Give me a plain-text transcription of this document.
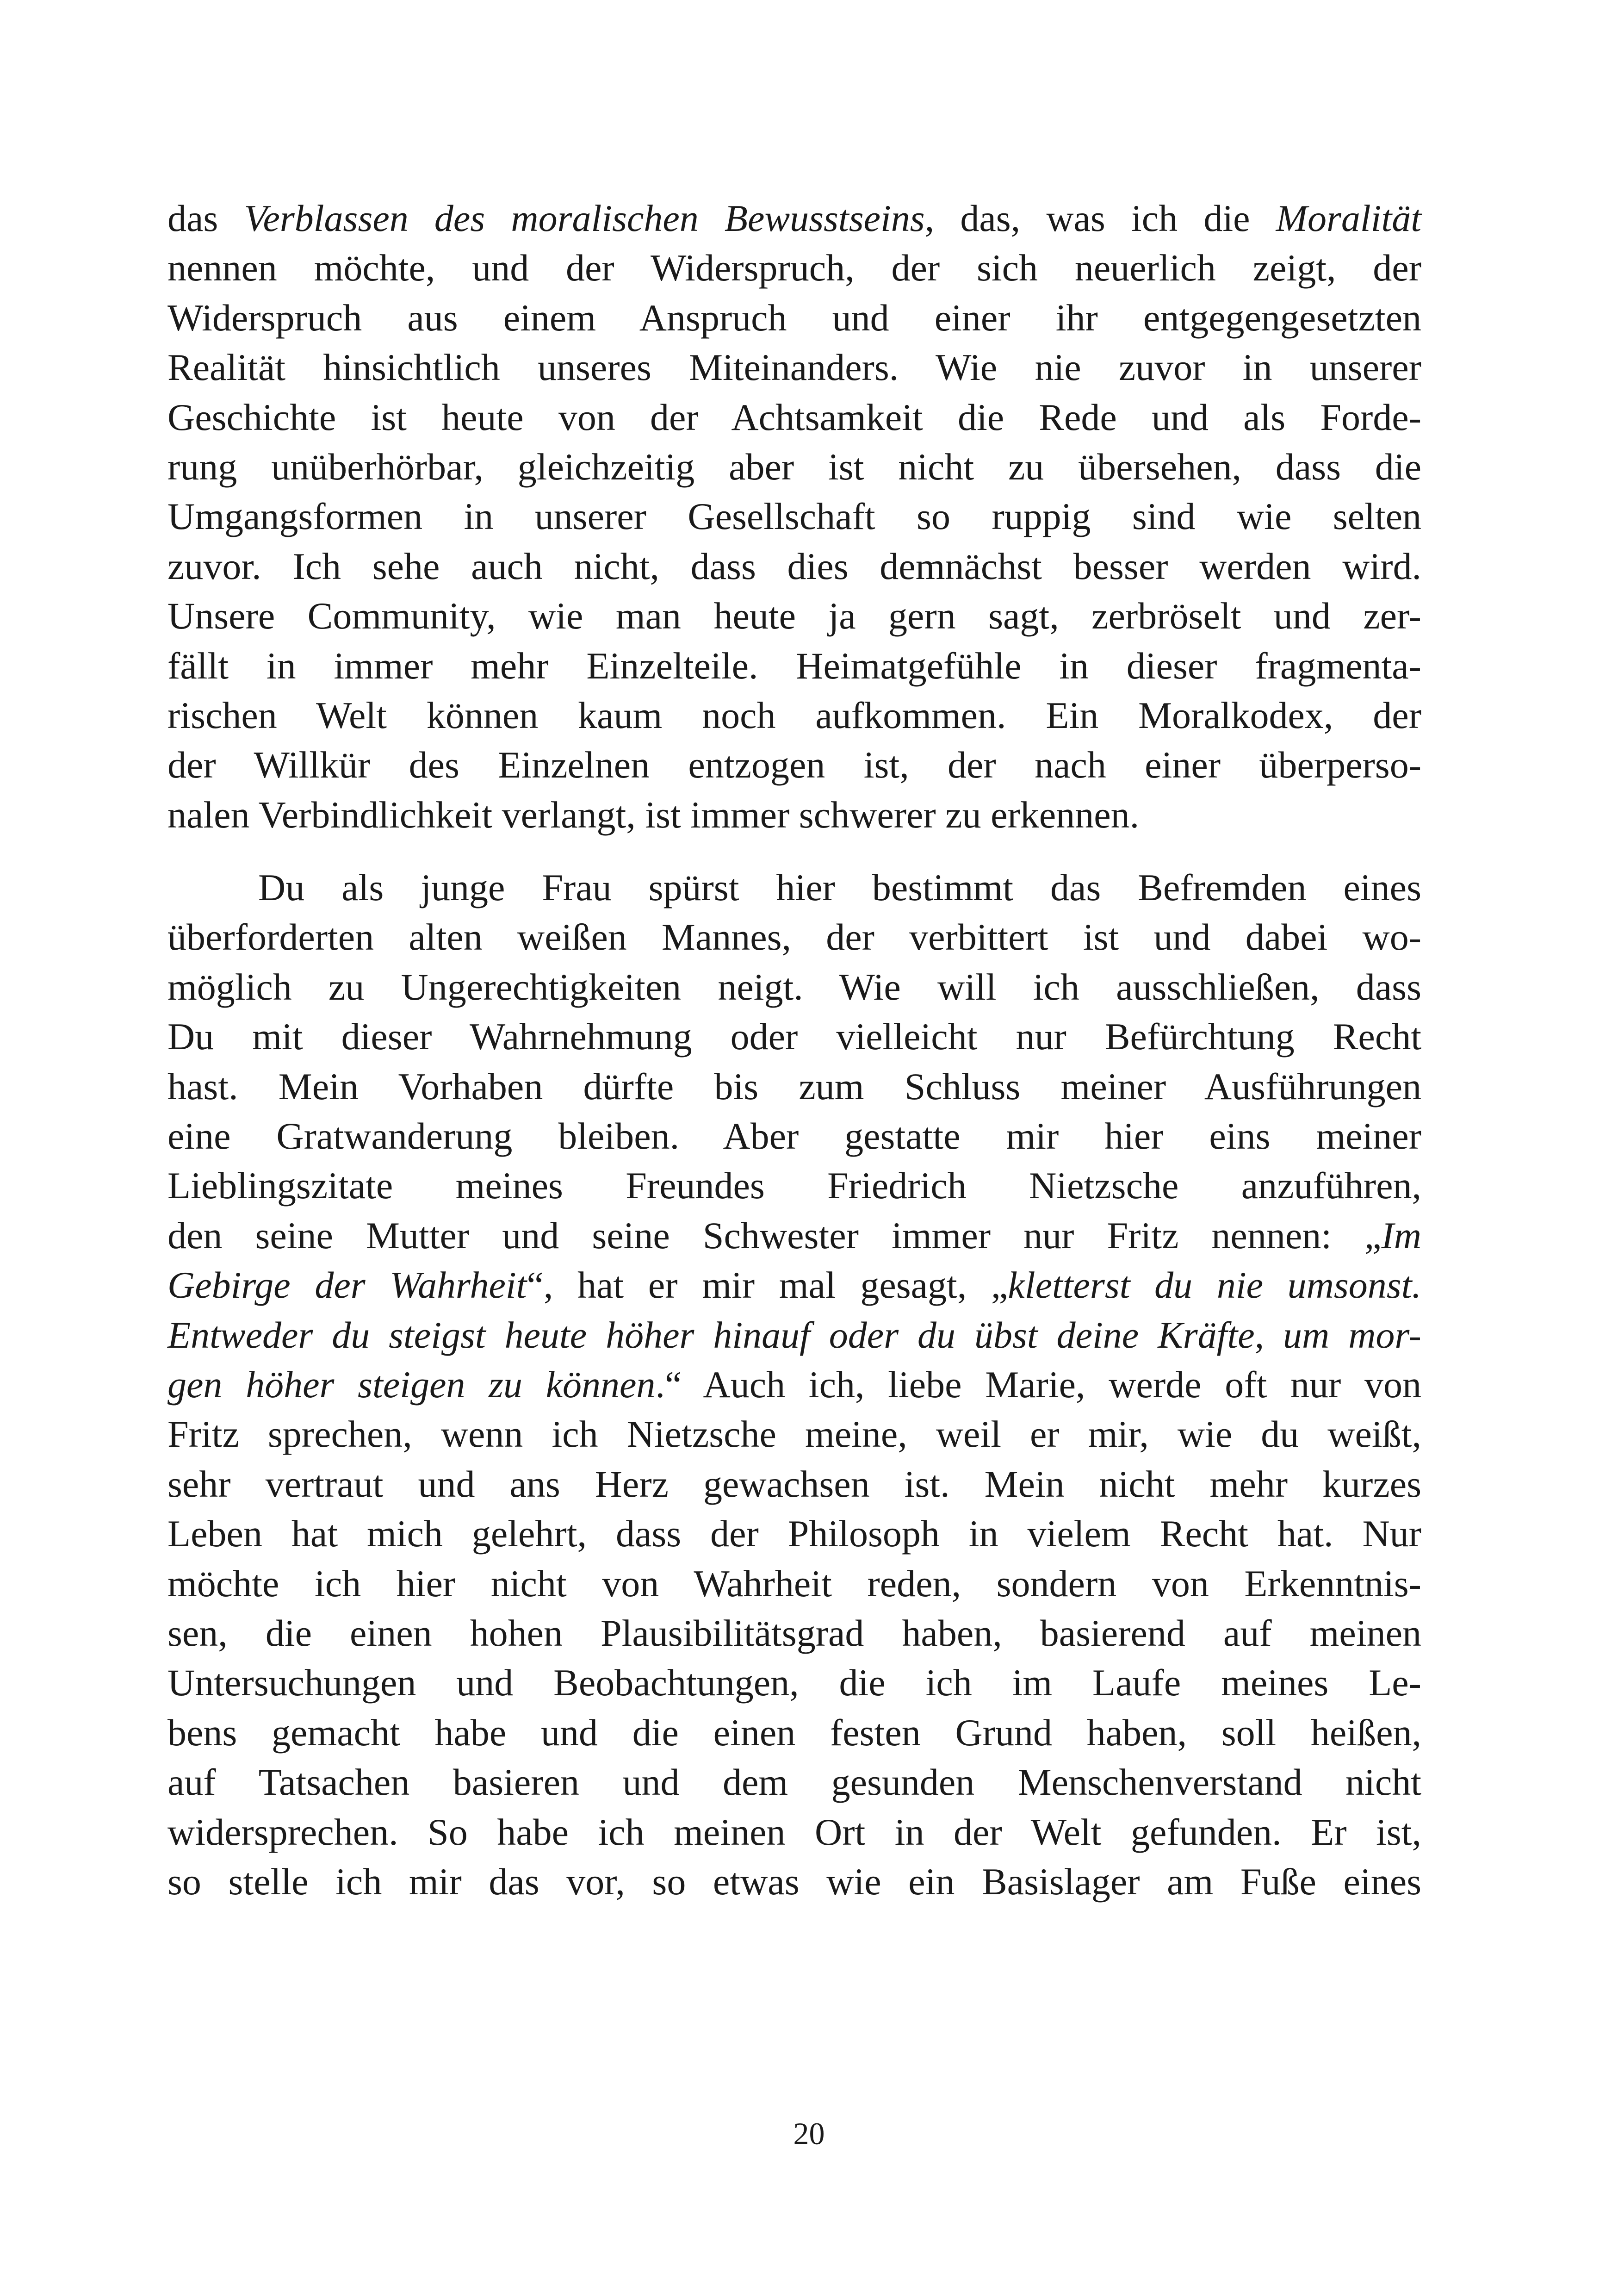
das Verblassen des moralischen Bewusstseins, das, was ich die Moralität
nennen möchte, und der Widerspruch, der sich neuerlich zeigt, der
Widerspruch aus einem Anspruch und einer ihr entgegengesetzten
Realität hinsichtlich unseres Miteinanders. Wie nie zuvor in unserer
Geschichte ist heute von der Achtsamkeit die Rede und als Forde-
rung unüberhörbar, gleichzeitig aber ist nicht zu übersehen, dass die
Umgangsformen in unserer Gesellschaft so ruppig sind wie selten
zuvor. Ich sehe auch nicht, dass dies demnächst besser werden wird.
Unsere Community, wie man heute ja gern sagt, zerbröselt und zer-
fällt in immer mehr Einzelteile. Heimatgefühle in dieser fragmenta-
rischen Welt können kaum noch aufkommen. Ein Moralkodex, der
der Willkür des Einzelnen entzogen ist, der nach einer überperso-
nalen Verbindlichkeit verlangt, ist immer schwerer zu erkennen.

Du als junge Frau spürst hier bestimmt das Befremden eines
überforderten alten weißen Mannes, der verbittert ist und dabei wo-
möglich zu Ungerechtigkeiten neigt. Wie will ich ausschließen, dass
Du mit dieser Wahrnehmung oder vielleicht nur Befürchtung Recht
hast. Mein Vorhaben dürfte bis zum Schluss meiner Ausführungen
eine Gratwanderung bleiben. Aber gestatte mir hier eins meiner
Lieblingszitate meines Freundes Friedrich Nietzsche anzuführen,
den seine Mutter und seine Schwester immer nur Fritz nennen: „Im
Gebirge der Wahrheit“, hat er mir mal gesagt, „kletterst du nie umsonst.
Entweder du steigst heute höher hinauf oder du übst deine Kräfte, um mor-
gen höher steigen zu können.“ Auch ich, liebe Marie, werde oft nur von
Fritz sprechen, wenn ich Nietzsche meine, weil er mir, wie du weißt,
sehr vertraut und ans Herz gewachsen ist. Mein nicht mehr kurzes
Leben hat mich gelehrt, dass der Philosoph in vielem Recht hat. Nur
möchte ich hier nicht von Wahrheit reden, sondern von Erkenntnis-
sen, die einen hohen Plausibilitätsgrad haben, basierend auf meinen
Untersuchungen und Beobachtungen, die ich im Laufe meines Le-
bens gemacht habe und die einen festen Grund haben, soll heißen,
auf Tatsachen basieren und dem gesunden Menschenverstand nicht
widersprechen. So habe ich meinen Ort in der Welt gefunden. Er ist,
so stelle ich mir das vor, so etwas wie ein Basislager am Fuße eines

20
